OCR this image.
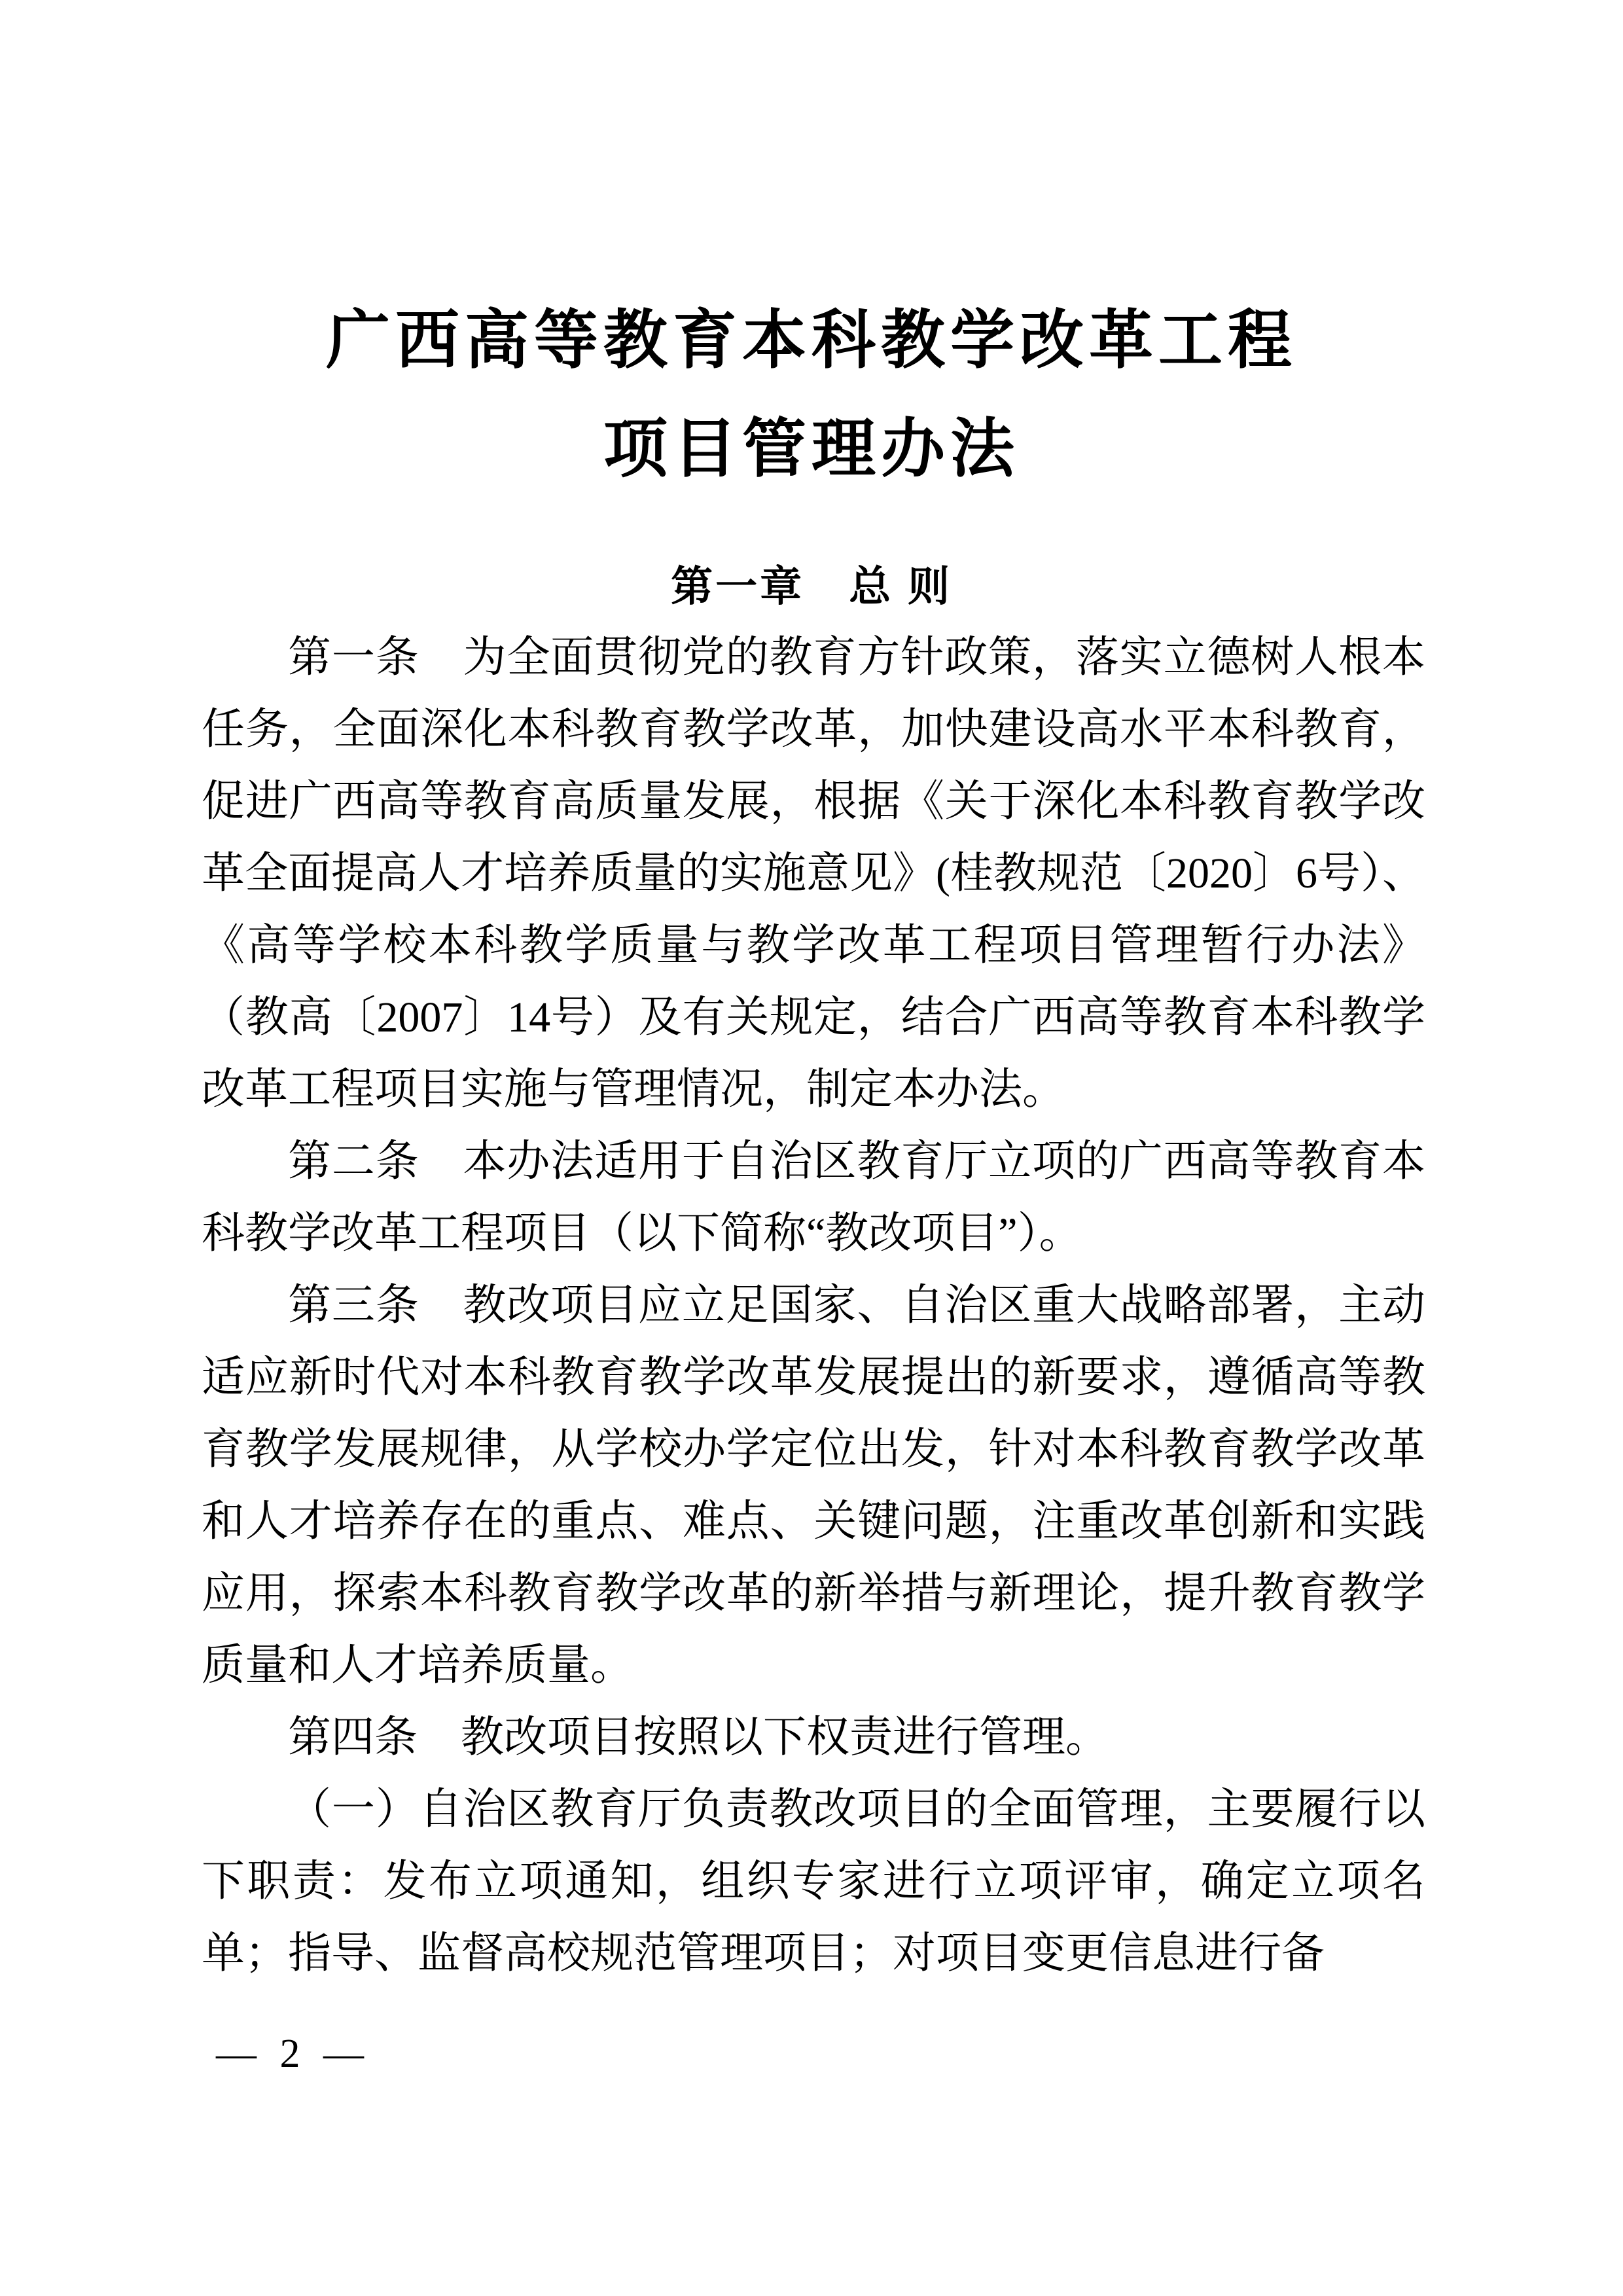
广西高等教育本科教学改革工程
项目管理办法
第一章　总 则

第一条　为全面贯彻党的教育方针政策，落实立德树人根本任务，全面深化本科教育教学改革，加快建设高水平本科教育，促进广西高等教育高质量发展，根据《关于深化本科教育教学改革全面提高人才培养质量的实施意见》(桂教规范〔2020〕6号）、《高等学校本科教学质量与教学改革工程项目管理暂行办法》（教高〔2007〕14号）及有关规定，结合广西高等教育本科教学改革工程项目实施与管理情况，制定本办法。

第二条　本办法适用于自治区教育厅立项的广西高等教育本科教学改革工程项目（以下简称“教改项目”）。

第三条　教改项目应立足国家、自治区重大战略部署，主动适应新时代对本科教育教学改革发展提出的新要求，遵循高等教育教学发展规律，从学校办学定位出发，针对本科教育教学改革和人才培养存在的重点、难点、关键问题，注重改革创新和实践应用，探索本科教育教学改革的新举措与新理论，提升教育教学质量和人才培养质量。

第四条　教改项目按照以下权责进行管理。

（一）自治区教育厅负责教改项目的全面管理，主要履行以下职责：发布立项通知，组织专家进行立项评审，确定立项名单；指导、监督高校规范管理项目；对项目变更信息进行备

— 2 —
